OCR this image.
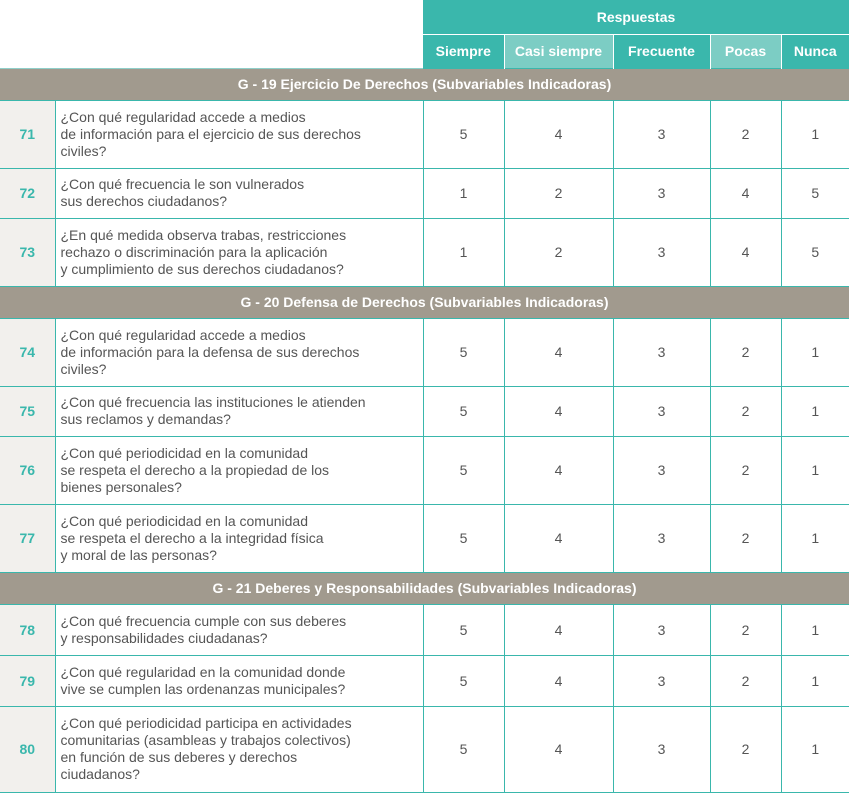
		Respuestas				
		Siempre	Casi siempre	Frecuente	Pocas	Nunca
G - 19 Ejercicio De Derechos (Subvariables Indicadoras)						
71	¿Con qué regularidad accede a medios
de información para el ejercicio de sus derechos
civiles?	5	4	3	2	1
72	¿Con qué frecuencia le son vulnerados
sus derechos ciudadanos?	1	2	3	4	5
73	¿En qué medida observa trabas, restricciones
rechazo o discriminación para la aplicación
y cumplimiento de sus derechos ciudadanos?	1	2	3	4	5
G - 20 Defensa de Derechos (Subvariables Indicadoras)						
74	¿Con qué regularidad accede a medios
de información para la defensa de sus derechos
civiles?	5	4	3	2	1
75	¿Con qué frecuencia las instituciones le atienden
sus reclamos y demandas?	5	4	3	2	1
76	¿Con qué periodicidad en la comunidad
se respeta el derecho a la propiedad de los
bienes personales?	5	4	3	2	1
77	¿Con qué periodicidad en la comunidad
se respeta el derecho a la integridad física
y moral de las personas?	5	4	3	2	1
G - 21 Deberes y Responsabilidades (Subvariables Indicadoras)						
78	¿Con qué frecuencia cumple con sus deberes
y responsabilidades ciudadanas?	5	4	3	2	1
79	¿Con qué regularidad en la comunidad donde
vive se cumplen las ordenanzas municipales?	5	4	3	2	1
80	¿Con qué periodicidad participa en actividades
comunitarias (asambleas y trabajos colectivos)
en función de sus deberes y derechos
ciudadanos?	5	4	3	2	1
